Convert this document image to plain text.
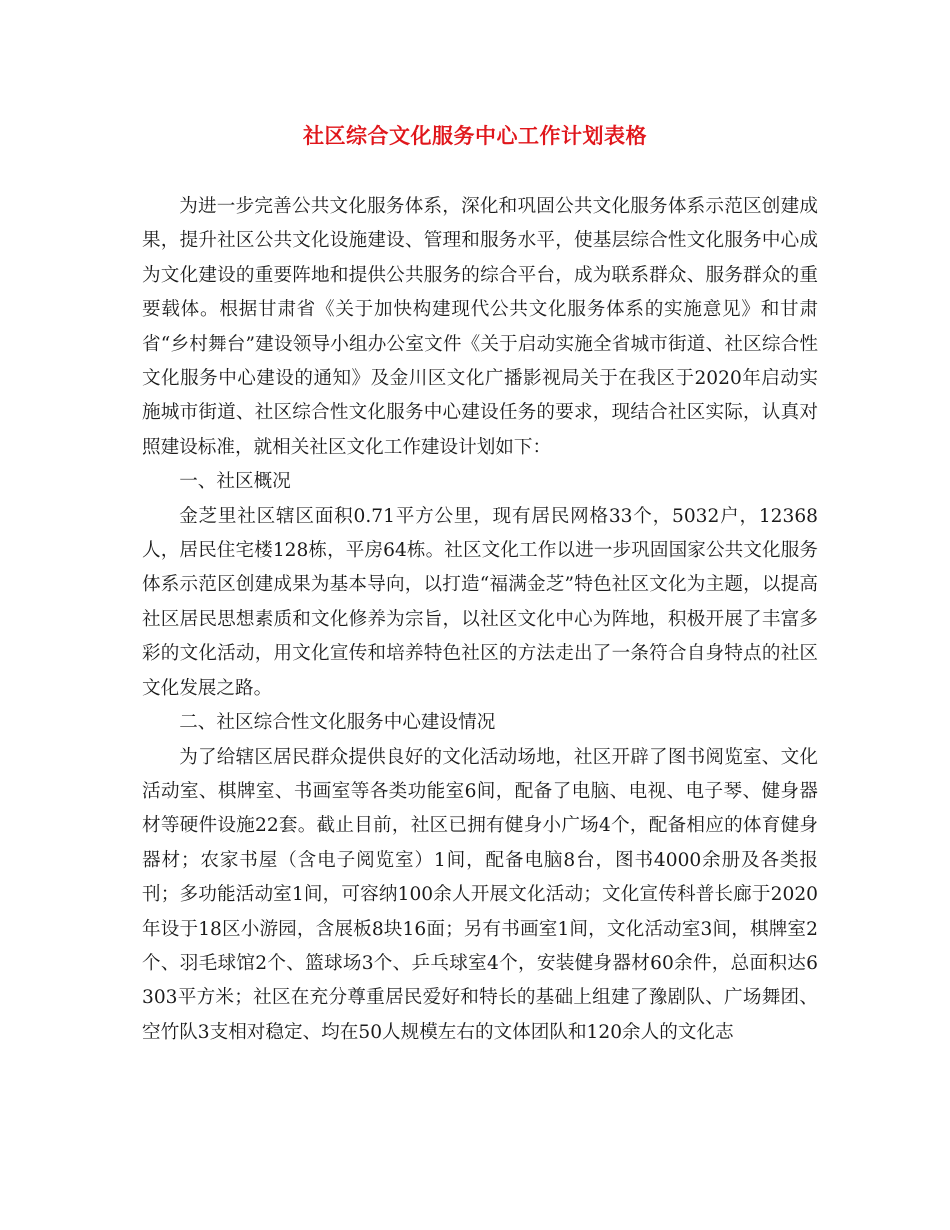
社区综合文化服务中心工作计划表格

为进一步完善公共文化服务体系，深化和巩固公共文化服务体系示范区创建成果，提升社区公共文化设施建设、管理和服务水平，使基层综合性文化服务中心成为文化建设的重要阵地和提供公共服务的综合平台，成为联系群众、服务群众的重要载体。根据甘肃省《关于加快构建现代公共文化服务体系的实施意见》和甘肃省“乡村舞台”建设领导小组办公室文件《关于启动实施全省城市街道、社区综合性文化服务中心建设的通知》及金川区文化广播影视局关于在我区于2020年启动实施城市街道、社区综合性文化服务中心建设任务的要求，现结合社区实际，认真对照建设标准，就相关社区文化工作建设计划如下：

一、社区概况

金芝里社区辖区面积0.71平方公里，现有居民网格33个，5032户，12368人，居民住宅楼128栋，平房64栋。社区文化工作以进一步巩固国家公共文化服务体系示范区创建成果为基本导向，以打造“福满金芝”特色社区文化为主题，以提高社区居民思想素质和文化修养为宗旨，以社区文化中心为阵地，积极开展了丰富多彩的文化活动，用文化宣传和培养特色社区的方法走出了一条符合自身特点的社区文化发展之路。

二、社区综合性文化服务中心建设情况

为了给辖区居民群众提供良好的文化活动场地，社区开辟了图书阅览室、文化活动室、棋牌室、书画室等各类功能室6间，配备了电脑、电视、电子琴、健身器材等硬件设施22套。截止目前，社区已拥有健身小广场4个，配备相应的体育健身器材；农家书屋（含电子阅览室）1间，配备电脑8台，图书4000余册及各类报刊；多功能活动室1间，可容纳100余人开展文化活动；文化宣传科普长廊于2020年设于18区小游园，含展板8块16面；另有书画室1间，文化活动室3间，棋牌室2个、羽毛球馆2个、篮球场3个、乒乓球室4个，安装健身器材60余件，总面积达6303平方米；社区在充分尊重居民爱好和特长的基础上组建了豫剧队、广场舞团、空竹队3支相对稳定、均在50人规模左右的文体团队和120余人的文化志
